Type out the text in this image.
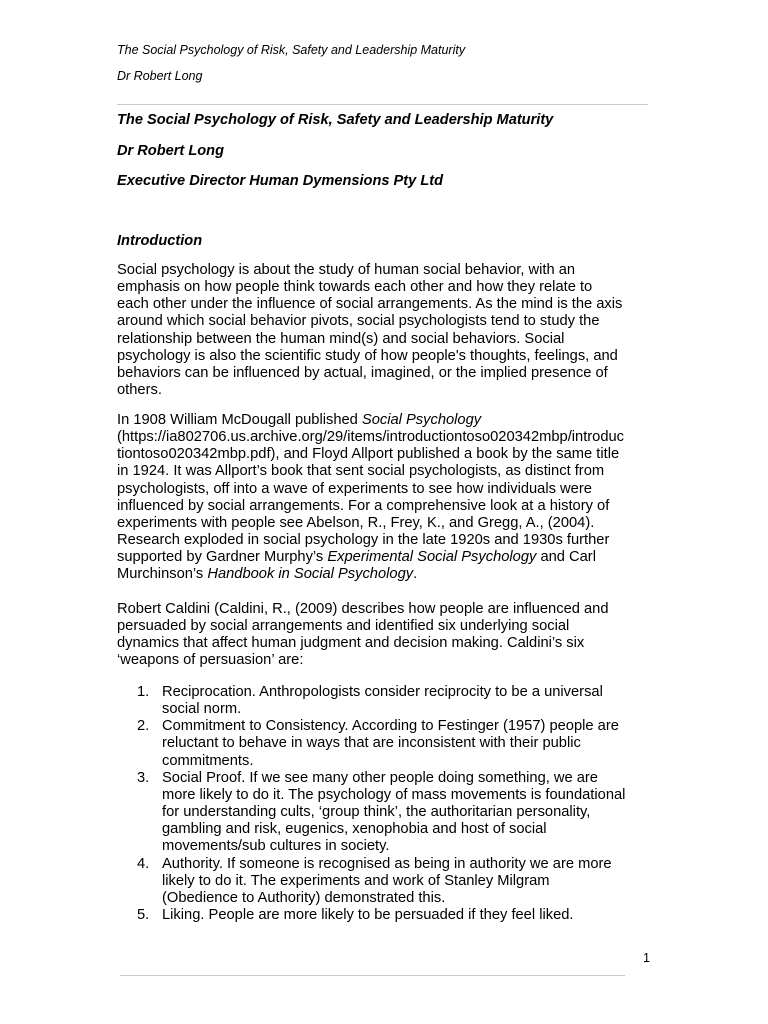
The Social Psychology of Risk, Safety and Leadership Maturity
Dr Robert Long
The Social Psychology of Risk, Safety and Leadership Maturity
Dr Robert Long
Executive Director Human Dymensions Pty Ltd
Introduction

Social psychology is about the study of human social behavior, with an
emphasis on how people think towards each other and how they relate to
each other under the influence of social arrangements. As the mind is the axis
around which social behavior pivots, social psychologists tend to study the
relationship between the human mind(s) and social behaviors. Social
psychology is also the scientific study of how people's thoughts, feelings, and
behaviors can be influenced by actual, imagined, or the implied presence of
others.

In 1908 William McDougall published Social Psychology
(https://ia802706.us.archive.org/29/items/introductiontoso020342mbp/introduc
tiontoso020342mbp.pdf), and Floyd Allport published a book by the same title
in 1924. It was Allport’s book that sent social psychologists, as distinct from
psychologists, off into a wave of experiments to see how individuals were
influenced by social arrangements. For a comprehensive look at a history of
experiments with people see Abelson, R., Frey, K., and Gregg, A., (2004).
Research exploded in social psychology in the late 1920s and 1930s further
supported by Gardner Murphy’s Experimental Social Psychology and Carl
Murchinson’s Handbook in Social Psychology.

Robert Caldini (Caldini, R., (2009) describes how people are influenced and
persuaded by social arrangements and identified six underlying social
dynamics that affect human judgment and decision making. Caldini’s six
‘weapons of persuasion’ are:

1. Reciprocation. Anthropologists consider reciprocity to be a universal
social norm.
2. Commitment to Consistency. According to Festinger (1957) people are
reluctant to behave in ways that are inconsistent with their public
commitments.
3. Social Proof. If we see many other people doing something, we are
more likely to do it. The psychology of mass movements is foundational
for understanding cults, ‘group think’, the authoritarian personality,
gambling and risk, eugenics, xenophobia and host of social
movements/sub cultures in society.
4. Authority. If someone is recognised as being in authority we are more
likely to do it. The experiments and work of Stanley Milgram
(Obedience to Authority) demonstrated this.
5. Liking. People are more likely to be persuaded if they feel liked.
1
